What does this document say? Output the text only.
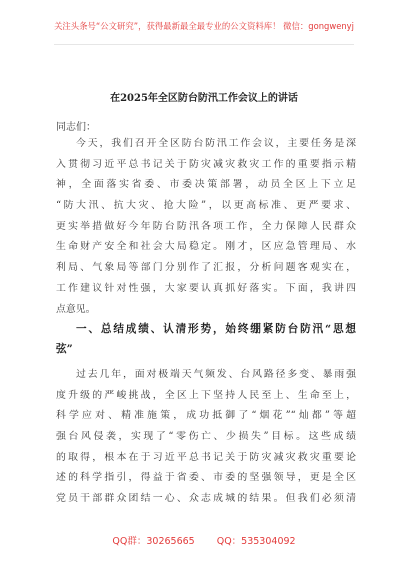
关注头条号“公文研究”，获得最新最全最专业的公文资料库！ 微信：gongwenyj
在2025年全区防台防汛工作会议上的讲话
同志们：
今天，我们召开全区防台防汛工作会议，主要任务是深
入贯彻习近平总书记关于防灾减灾救灾工作的重要指示精
神，全面落实省委、市委决策部署，动员全区上下立足
“防大汛、抗大灾、抢大险”，以更高标准、更严要求、
更实举措做好今年防台防汛各项工作，全力保障人民群众
生命财产安全和社会大局稳定。刚才，区应急管理局、水
利局、气象局等部门分别作了汇报，分析问题客观实在，
工作建议针对性强，大家要认真抓好落实。下面，我讲四
点意见。
一、总结成绩、认清形势，始终绷紧防台防汛“思想
弦”
过去几年，面对极端天气频发、台风路径多变、暴雨强
度升级的严峻挑战，全区上下坚持人民至上、生命至上，
科学应对、精准施策，成功抵御了“烟花”“灿都”等超
强台风侵袭，实现了“零伤亡、少损失”目标。这些成绩
的取得，根本在于习近平总书记关于防灾减灾救灾重要论
述的科学指引，得益于省委、市委的坚强领导，更是全区
党员干部群众团结一心、众志成城的结果。但我们必须清
QQ群：30265665 QQ：535304092
